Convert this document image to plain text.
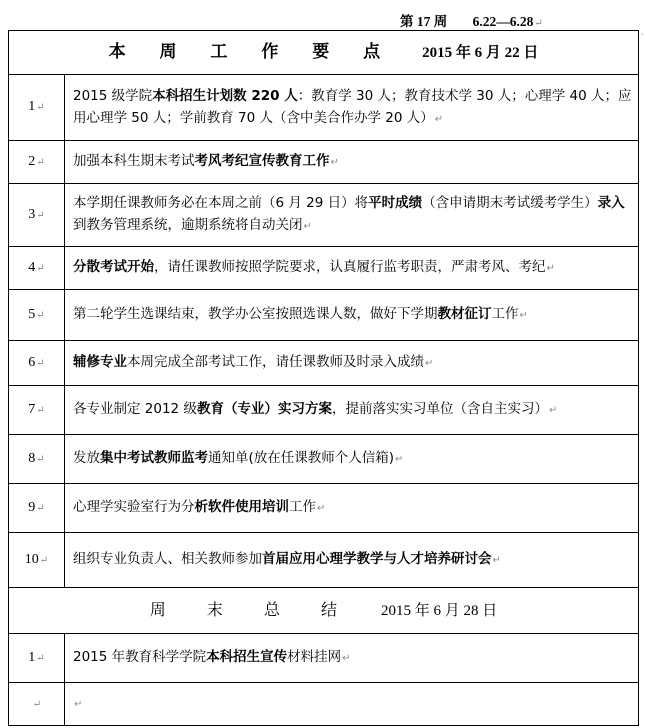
第 17 周 6.22—6.28↵
本 周 工 作 要 点 2015 年 6 月 22 日	
1↵	2015 级学院本科招生计划数 220 人：教育学 30 人；教育技术学 30 人；心理学 40 人；应用心理学 50 人；学前教育 70 人（含中美合作办学 20 人）↵
2↵	加强本科生期末考试考风考纪宣传教育工作↵
3↵	本学期任课教师务必在本周之前（6 月 29 日）将平时成绩（含申请期末考试缓考学生）录入到教务管理系统，逾期系统将自动关闭↵
4↵	分散考试开始，请任课教师按照学院要求，认真履行监考职责，严肃考风、考纪↵
5↵	第二轮学生选课结束，教学办公室按照选课人数，做好下学期教材征订工作↵
6↵	辅修专业本周完成全部考试工作，请任课教师及时录入成绩↵
7↵	各专业制定 2012 级教育（专业）实习方案，提前落实实习单位（含自主实习）↵
8↵	发放集中考试教师监考通知单(放在任课教师个人信箱)↵
9↵	心理学实验室行为分析软件使用培训工作↵
10↵	组织专业负责人、相关教师参加首届应用心理学教学与人才培养研讨会↵
周 末 总 结 2015 年 6 月 28 日	
1↵	2015 年教育科学学院本科招生宣传材料挂网↵
↵	↵
·
